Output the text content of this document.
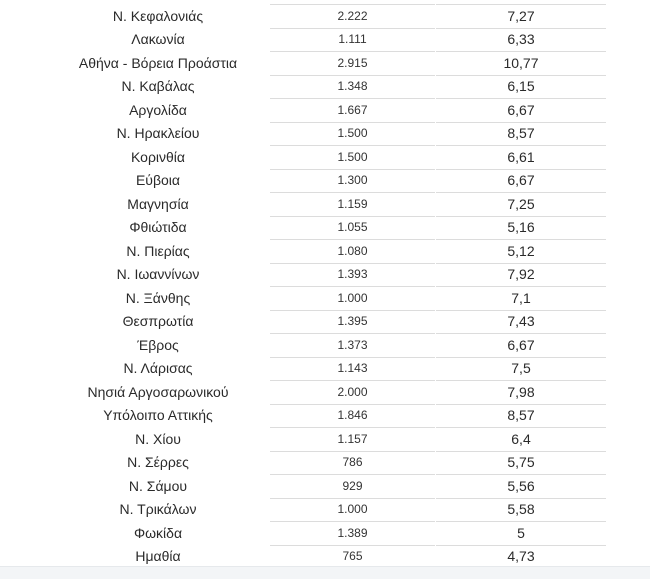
Ν. Κεφαλονιάς	2.222	7,27
Λακωνία	1.111	6,33
Αθήνα - Βόρεια Προάστια	2.915	10,77
Ν. Καβάλας	1.348	6,15
Αργολίδα	1.667	6,67
Ν. Ηρακλείου	1.500	8,57
Κορινθία	1.500	6,61
Εύβοια	1.300	6,67
Μαγνησία	1.159	7,25
Φθιώτιδα	1.055	5,16
Ν. Πιερίας	1.080	5,12
Ν. Ιωαννίνων	1.393	7,92
Ν. Ξάνθης	1.000	7,1
Θεσπρωτία	1.395	7,43
Έβρος	1.373	6,67
Ν. Λάρισας	1.143	7,5
Νησιά Αργοσαρωνικού	2.000	7,98
Υπόλοιπο Αττικής	1.846	8,57
Ν. Χίου	1.157	6,4
Ν. Σέρρες	786	5,75
Ν. Σάμου	929	5,56
Ν. Τρικάλων	1.000	5,58
Φωκίδα	1.389	5
Ημαθία	765	4,73
